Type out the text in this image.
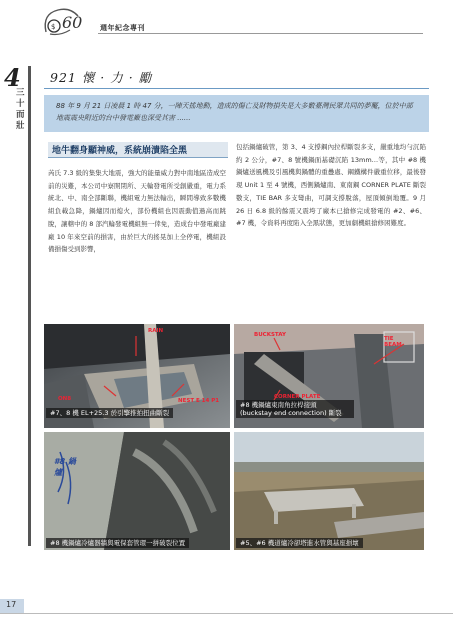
$ 60	週年紀念專刊
4
三十而壯
921 懷 · 力 · 勵
88 年 9 月 21 日凌晨 1 時 47 分，一陣天搖地動，造成的傷亡及財物損失是大多數臺灣民眾共同的夢魘，位於中部地震震央附近的台中發電廠也深受其害 ......
地牛翻身顯神威，系統崩潰陷全黑
芮氏 7.3 級的集集大地震，強大的能量威力對中南地區造成空前的災難，本公司中寮開閉所、天輪發電所受創嚴重，電力系統北、中、南全部斷聯，機組電力無法輸出，瞬間導致多數機組負載急降，鍋爐因而熄火，部份機組也因震動值過高而跳脫，讓轄中的 8 部汽輪發電機組無一倖免，造成台中發電廠建廠 10 年來空前的損害，由於巨大的搖晃加上全停電，機組設備損傷受到影響，
包括鍋爐破管，第 3、4 支撐鋼內拉桿斷裂多支，嚴重地均勻沉陷約 2 公分，#7、8 號機鍋面基礎沉陷 13mm…等，其中 #8 機鍋爐送風機及引風機與鍋體的重疊處、鋼鐵構件嚴重位移，最後發現 Unit 1 至 4 號機，西側鍋爐南、東南鋼 CORNER PLATE 斷裂數支，TIE BAR 多支彎曲，可調支撐脫落，屋頂傾倒地覆。9 月 26 日 6.8 級的餘震又震垮了廠本已搶修完成發電的 #2、#6、#7 機，令資料再度陷入全黑狀態，更加劇機組搶修困難度。
RAIN
ON8	NEST E 14 P1
#7、8 機 EL+25.3 於引擎推拍扭曲斷裂
BUCKSTAY
TIE BEAM
CORNER PLATE
#8 機鍋爐東南角拉桿接頭 (buckstay end connection) 斷裂
#8 鍋爐
#8 機鍋爐冷爐器牆與電保套管環一拼破裂位置	#5、#6 機道爐冷卻塔進水管與基座損壞
17
